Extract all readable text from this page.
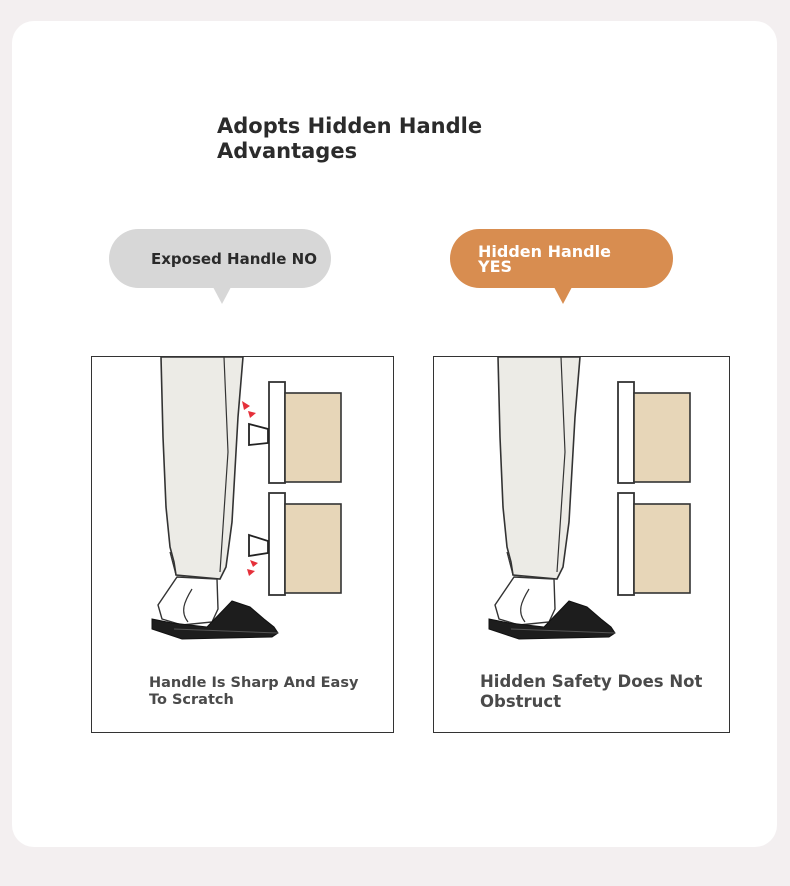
Adopts Hidden Handle
Advantages
Exposed Handle NO	Hidden Handle YES
Handle Is Sharp And Easy To Scratch
Hidden Safety Does Not Obstruct
